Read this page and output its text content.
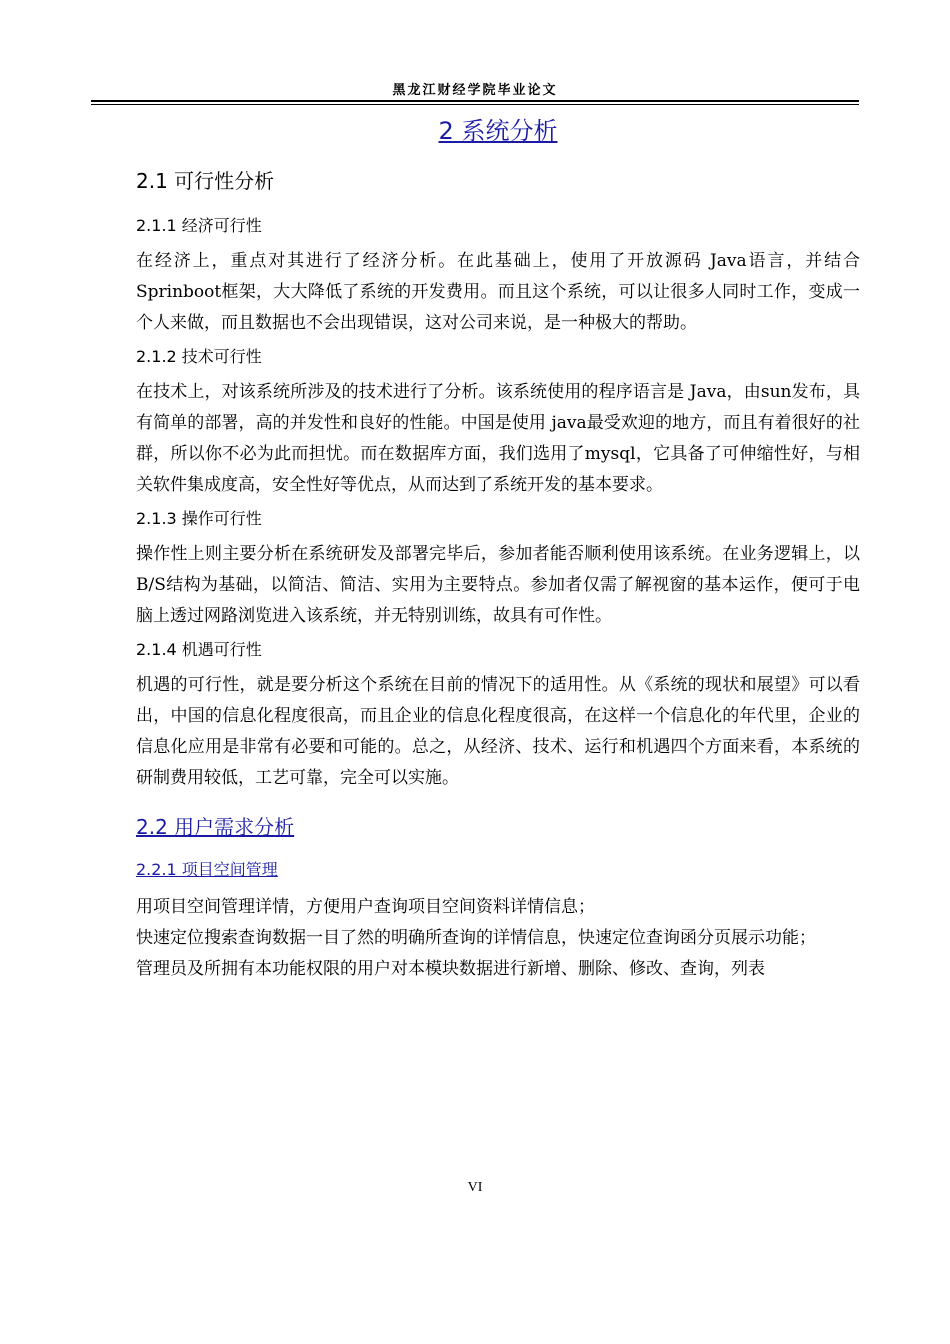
黑龙江财经学院毕业论文
2 系统分析
2.1 可行性分析
2.1.1 经济可行性

在经济上，重点对其进行了经济分析。在此基础上，使用了开放源码 Java语言，并结合 Sprinboot框架，大大降低了系统的开发费用。而且这个系统，可以让很多人同时工作，变成一个人来做，而且数据也不会出现错误，这对公司来说，是一种极大的帮助。

2.1.2 技术可行性

在技术上，对该系统所涉及的技术进行了分析。该系统使用的程序语言是 Java，由sun发布，具有简单的部署，高的并发性和良好的性能。中国是使用 java最受欢迎的地方，而且有着很好的社群，所以你不必为此而担忧。而在数据库方面，我们选用了mysql，它具备了可伸缩性好，与相关软件集成度高，安全性好等优点，从而达到了系统开发的基本要求。

2.1.3 操作可行性

操作性上则主要分析在系统研发及部署完毕后，参加者能否顺利使用该系统。在业务逻辑上，以 B/S结构为基础，以简洁、简洁、实用为主要特点。参加者仅需了解视窗的基本运作，便可于电脑上透过网路浏览进入该系统，并无特别训练，故具有可作性。

2.1.4 机遇可行性

机遇的可行性，就是要分析这个系统在目前的情况下的适用性。从《系统的现状和展望》可以看出，中国的信息化程度很高，而且企业的信息化程度很高，在这样一个信息化的年代里，企业的信息化应用是非常有必要和可能的。总之，从经济、技术、运行和机遇四个方面来看，本系统的研制费用较低，工艺可靠，完全可以实施。

2.2 用户需求分析
2.2.1 项目空间管理

用项目空间管理详情，方便用户查询项目空间资料详情信息；

快速定位搜索查询数据一目了然的明确所查询的详情信息，快速定位查询函分页展示功能；

管理员及所拥有本功能权限的用户对本模块数据进行新增、删除、修改、查询，列表

VI
